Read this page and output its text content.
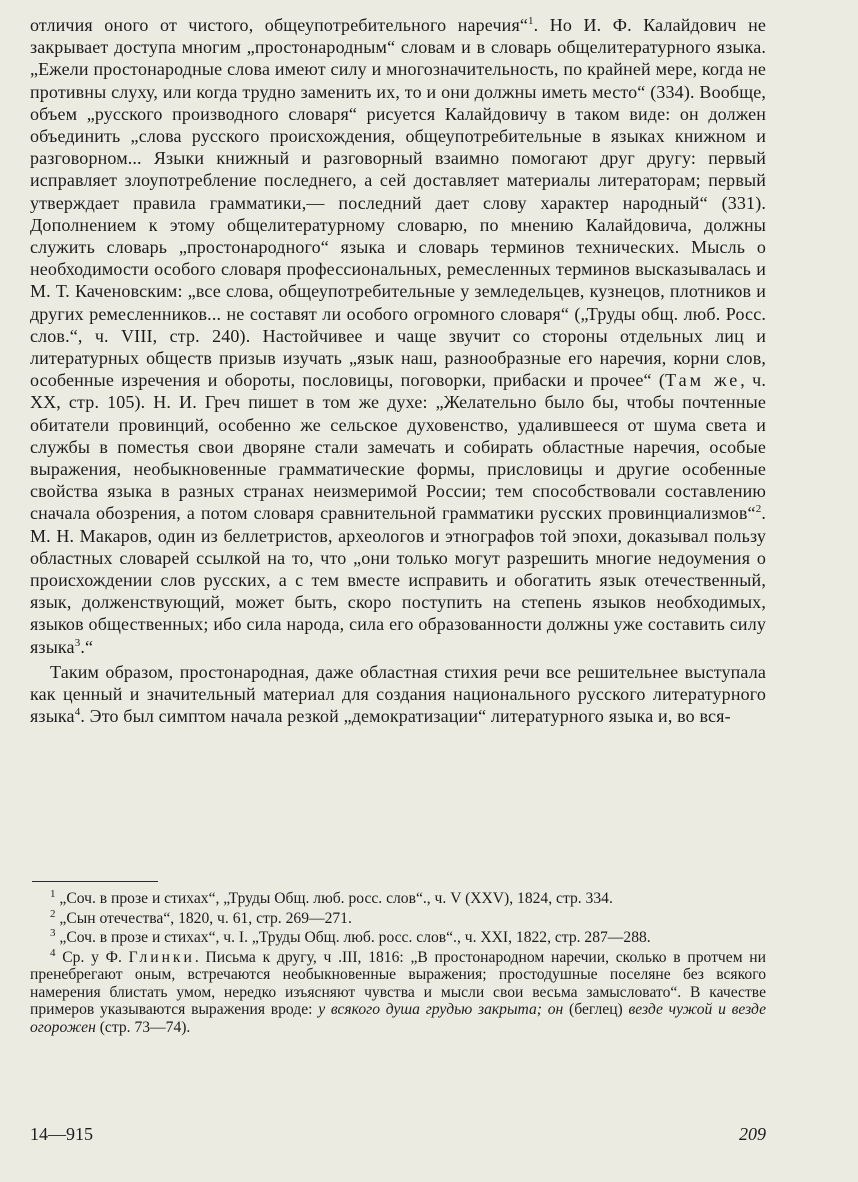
отличия оного от чистого, общеупотребительного наречия“$^1$. Но И. Ф. Калайдович не закрывает доступа многим „простонародным“ словам и в словарь общелитературного языка. „Ежели простонародные слова имеют силу и многозначительность, по крайней мере, когда не противны слуху, или когда трудно заменить их, то и они должны иметь место“ (334). Вообще, объем „русского производного словаря“ рисуется Калайдовичу в таком виде: он должен объединить „слова русского происхождения, общеупотребительные в языках книжном и разговорном... Языки книжный и разговорный взаимно помогают друг другу: первый исправляет злоупотребление последнего, а сей доставляет материалы литераторам; первый утверждает правила грамматики,— последний дает слову характер народный“ (331). Дополнением к этому общелитературному словарю, по мнению Калайдовича, должны служить словарь „простонародного“ языка и словарь терминов технических. Мысль о необходимости особого словаря профессиональных, ремесленных терминов высказывалась и М. Т. Каченовским: „все слова, общеупотребительные у земледельцев, кузнецов, плотников и других ремесленников... не составят ли особого огромного словаря“ („Труды общ. люб. Росс. слов.“, ч. VIII, стр. 240). Настойчивее и чаще звучит со стороны отдельных лиц и литературных обществ призыв изучать „язык наш, разнообразные его наречия, корни слов, особенные изречения и обороты, пословицы, поговорки, прибаски и прочее“ (Там же, ч. XX, стр. 105). Н. И. Греч пишет в том же духе: „Желательно было бы, чтобы почтенные обитатели провинций, особенно же сельское духовенство, удалившееся от шума света и службы в поместья свои дворяне стали замечать и собирать областные наречия, особые выражения, необыкновенные грамматические формы, присловицы и другие особенные свойства языка в разных странах неизмеримой России; тем способствовали составлению сначала обозрения, а потом словаря сравнительной грамматики русских провинциализмов“$^2$. М. Н. Макаров, один из беллетристов, археологов и этнографов той эпохи, доказывал пользу областных словарей ссылкой на то, что „они только могут разрешить многие недоумения о происхождении слов русских, а с тем вместе исправить и обогатить язык отечественный, язык, долженствующий, может быть, скоро поступить на степень языков необходимых, языков общественных; ибо сила народа, сила его образованности должны уже составить силу языка$^3$.“

Таким образом, простонародная, даже областная стихия речи все решительнее выступала как ценный и значительный материал для создания национального русского литературного языка$^4$. Это был симптом начала резкой „демократизации“ литературного языка и, во вся-

$^1$ „Соч. в прозе и стихах“, „Труды Общ. люб. росс. слов“., ч. V (XXV), 1824, стр. 334.

$^2$ „Сын отечества“, 1820, ч. 61, стр. 269—271.

$^3$ „Соч. в прозе и стихах“, ч. I. „Труды Общ. люб. росс. слов“., ч. XXI, 1822, стр. 287—288.

$^4$ Ср. у Ф. Глинки. Письма к другу, ч .III, 1816: „В простонародном наречии, сколько в протчем ни пренебрегают оным, встречаются необыкновенные выражения; простодушные поселяне без всякого намерения блистать умом, нередко изъясняют чувства и мысли свои весьма замысловато“. В качестве примеров указываются выражения вроде: у всякого душа грудью закрыта; он (беглец) везде чужой и везде огорожен (стр. 73—74).

14—915	209
